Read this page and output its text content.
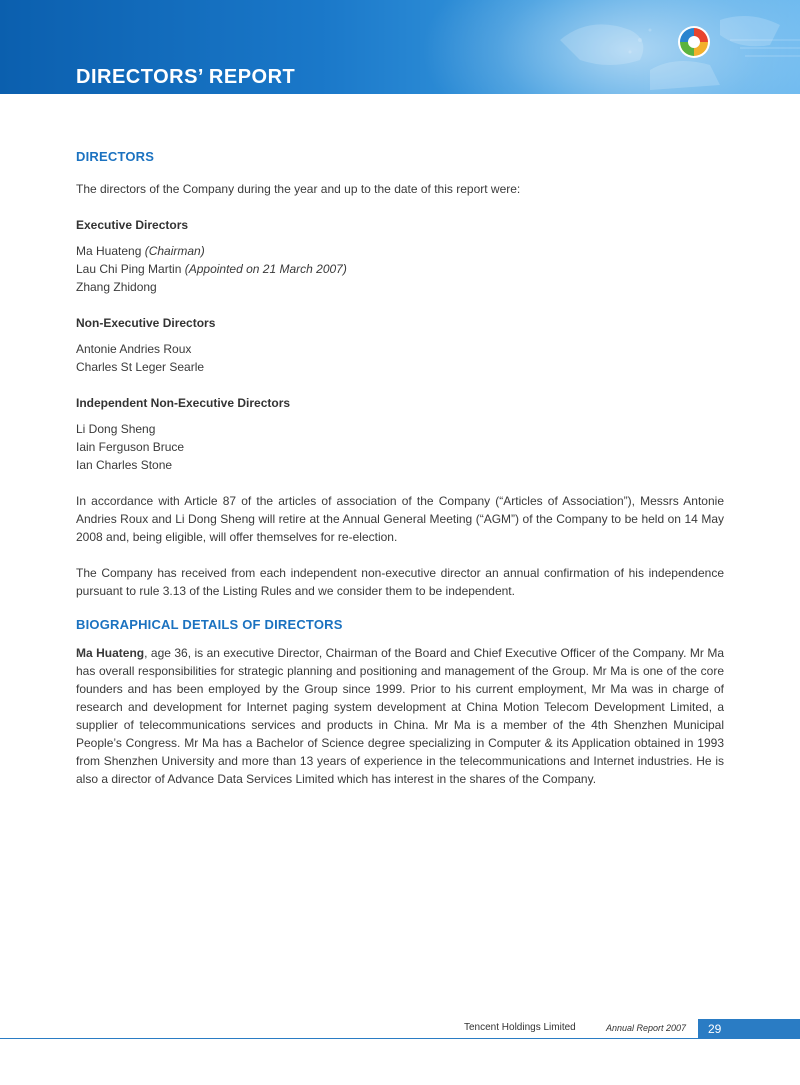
DIRECTORS’ REPORT
DIRECTORS

The directors of the Company during the year and up to the date of this report were:

Executive Directors
Ma Huateng (Chairman)
Lau Chi Ping Martin (Appointed on 21 March 2007)
Zhang Zhidong
Non-Executive Directors
Antonie Andries Roux
Charles St Leger Searle
Independent Non-Executive Directors
Li Dong Sheng
Iain Ferguson Bruce
Ian Charles Stone

In accordance with Article 87 of the articles of association of the Company (“Articles of Association”), Messrs Antonie Andries Roux and Li Dong Sheng will retire at the Annual General Meeting (“AGM”) of the Company to be held on 14 May 2008 and, being eligible, will offer themselves for re-election.

The Company has received from each independent non-executive director an annual confirmation of his independence pursuant to rule 3.13 of the Listing Rules and we consider them to be independent.

BIOGRAPHICAL DETAILS OF DIRECTORS

Ma Huateng, age 36, is an executive Director, Chairman of the Board and Chief Executive Officer of the Company. Mr Ma has overall responsibilities for strategic planning and positioning and management of the Group. Mr Ma is one of the core founders and has been employed by the Group since 1999. Prior to his current employment, Mr Ma was in charge of research and development for Internet paging system development at China Motion Telecom Development Limited, a supplier of telecommunications services and products in China. Mr Ma is a member of the 4th Shenzhen Municipal People’s Congress. Mr Ma has a Bachelor of Science degree specializing in Computer & its Application obtained in 1993 from Shenzhen University and more than 13 years of experience in the telecommunications and Internet industries. He is also a director of Advance Data Services Limited which has interest in the shares of the Company.

Tencent Holdings Limited	Annual Report 2007	29
